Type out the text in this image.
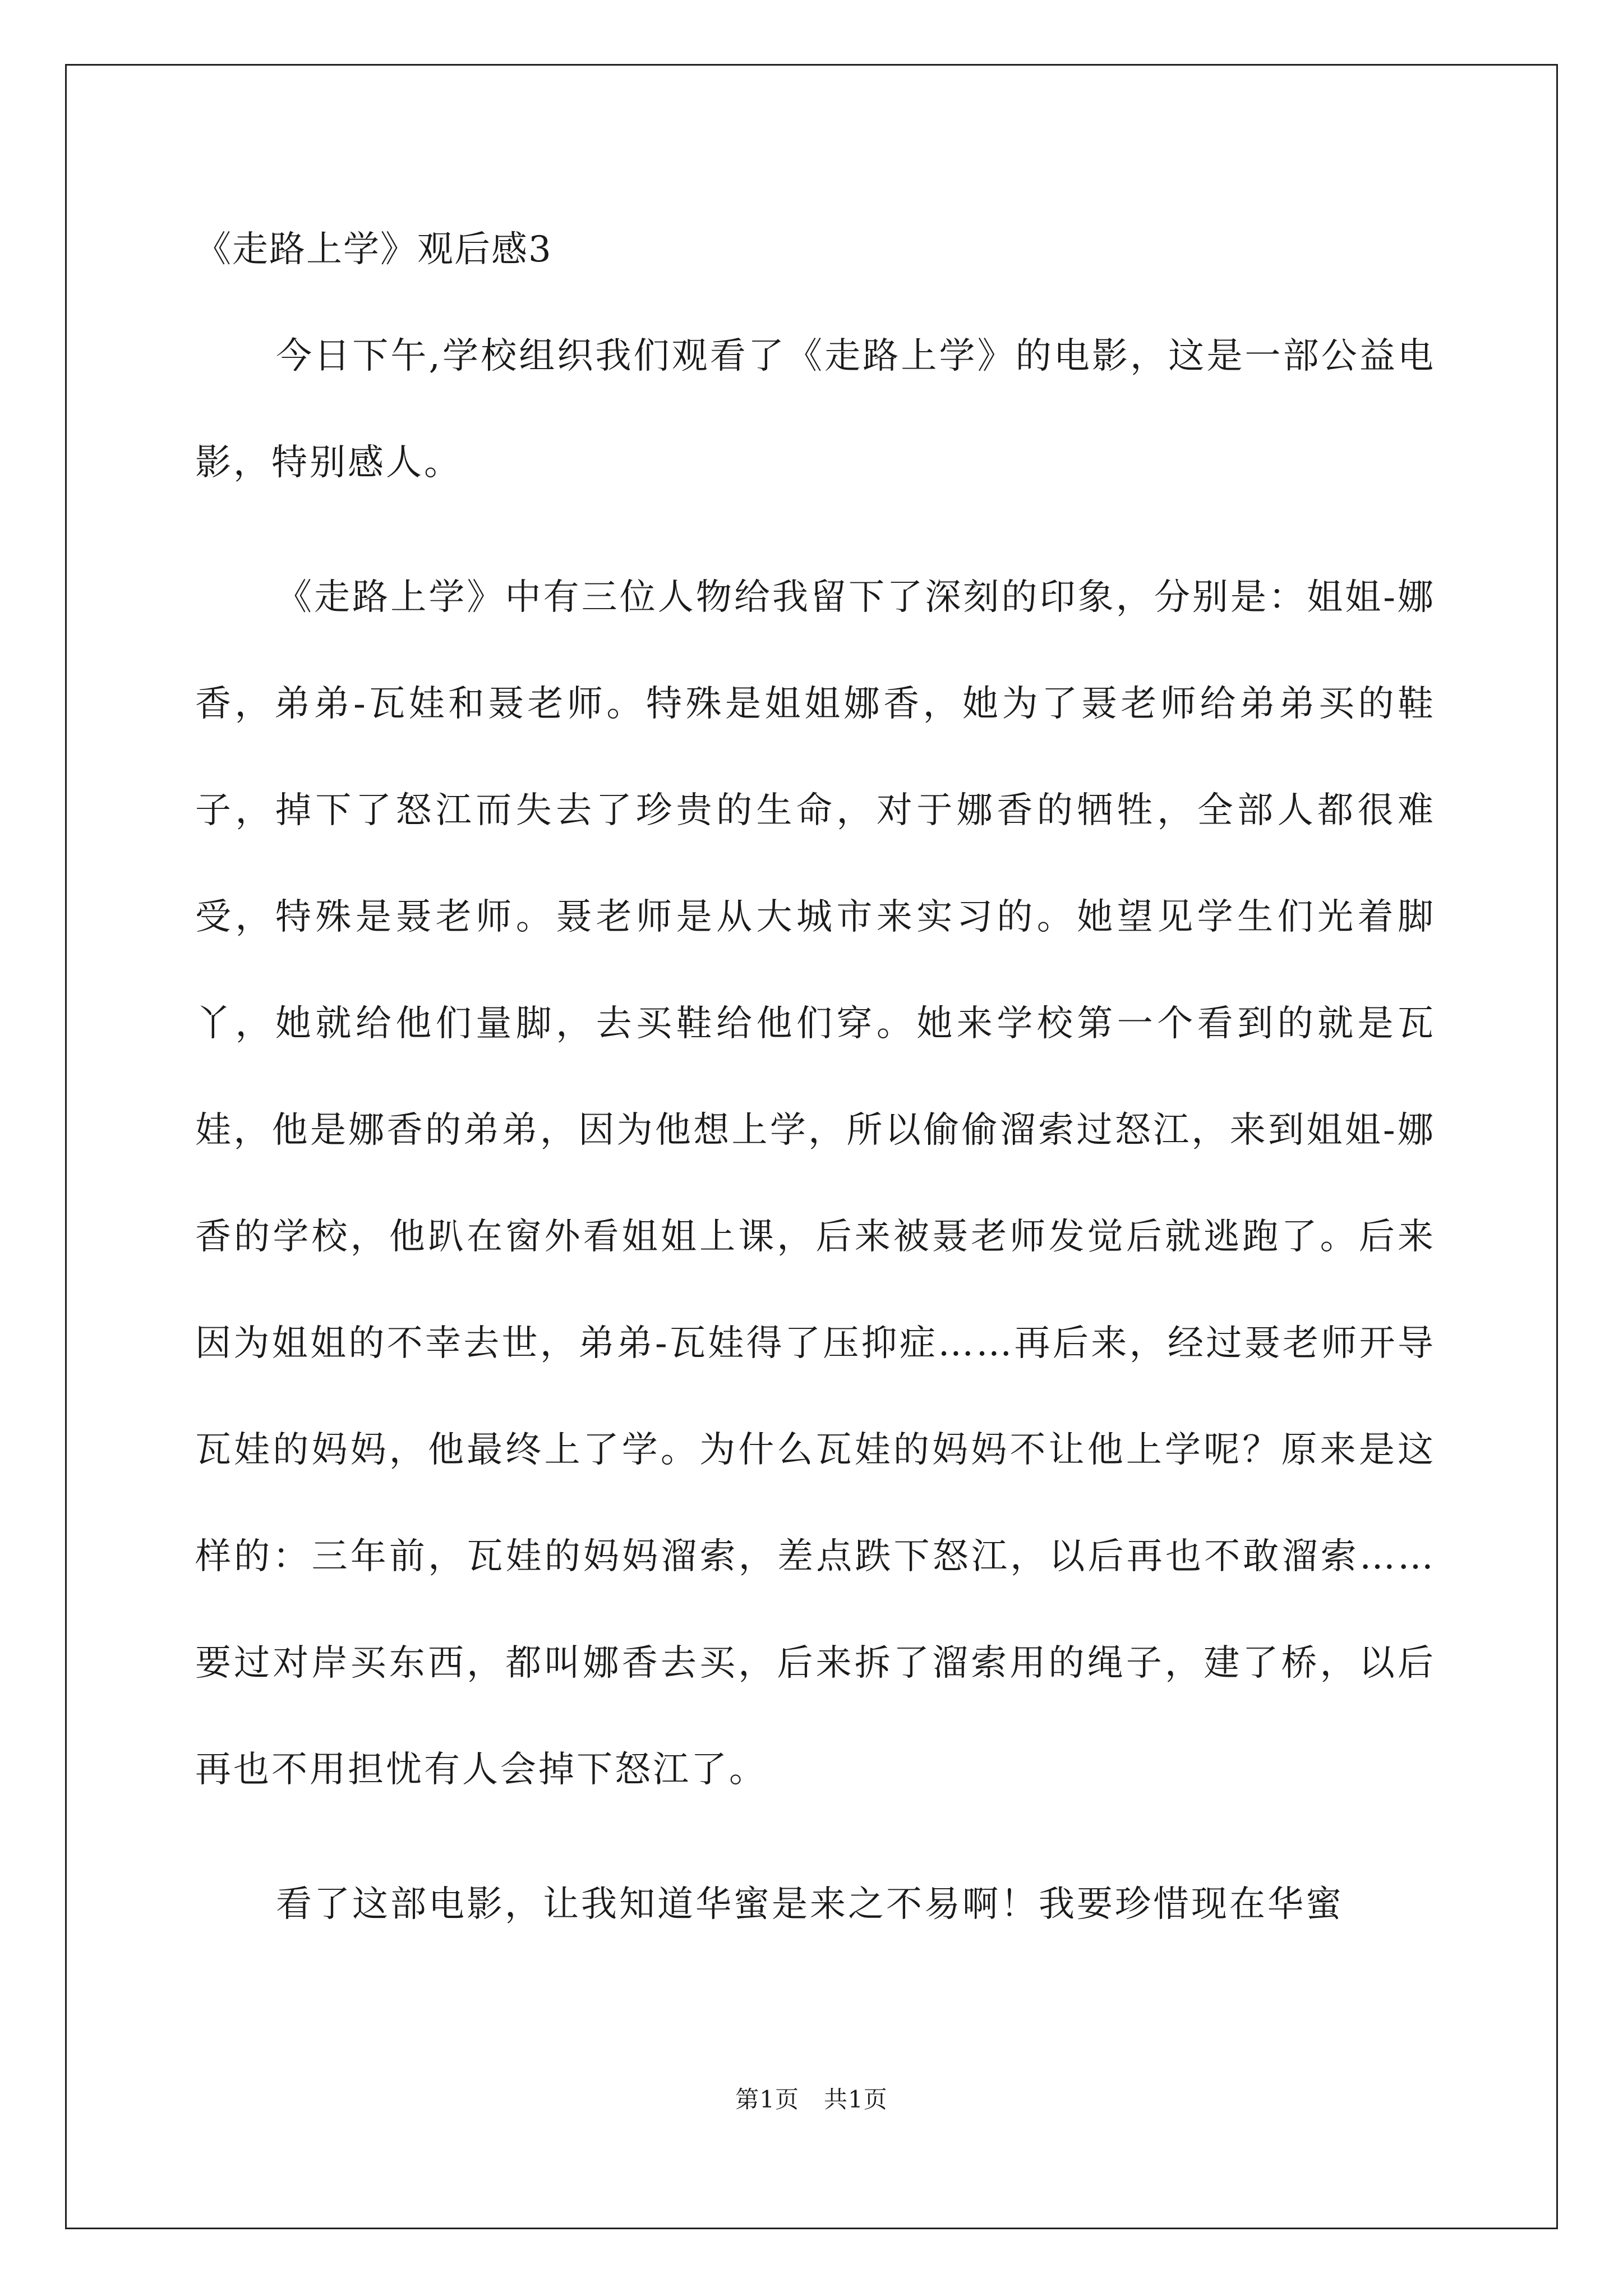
《走路上学》观后感3

今日下午,学校组织我们观看了《走路上学》的电影，这是一部公益电影，特别感人。

《走路上学》中有三位人物给我留下了深刻的印象，分别是：姐姐-娜香，弟弟-瓦娃和聂老师。特殊是姐姐娜香，她为了聂老师给弟弟买的鞋子，掉下了怒江而失去了珍贵的生命，对于娜香的牺牲，全部人都很难受，特殊是聂老师。聂老师是从大城市来实习的。她望见学生们光着脚丫，她就给他们量脚，去买鞋给他们穿。她来学校第一个看到的就是瓦娃，他是娜香的弟弟，因为他想上学，所以偷偷溜索过怒江，来到姐姐-娜香的学校，他趴在窗外看姐姐上课，后来被聂老师发觉后就逃跑了。后来因为姐姐的不幸去世，弟弟-瓦娃得了压抑症……再后来，经过聂老师开导瓦娃的妈妈，他最终上了学。为什么瓦娃的妈妈不让他上学呢？原来是这样的：三年前，瓦娃的妈妈溜索，差点跌下怒江，以后再也不敢溜索……要过对岸买东西，都叫娜香去买，后来拆了溜索用的绳子，建了桥，以后再也不用担忧有人会掉下怒江了。

看了这部电影，让我知道华蜜是来之不易啊！我要珍惜现在华蜜

第1页 共1页
